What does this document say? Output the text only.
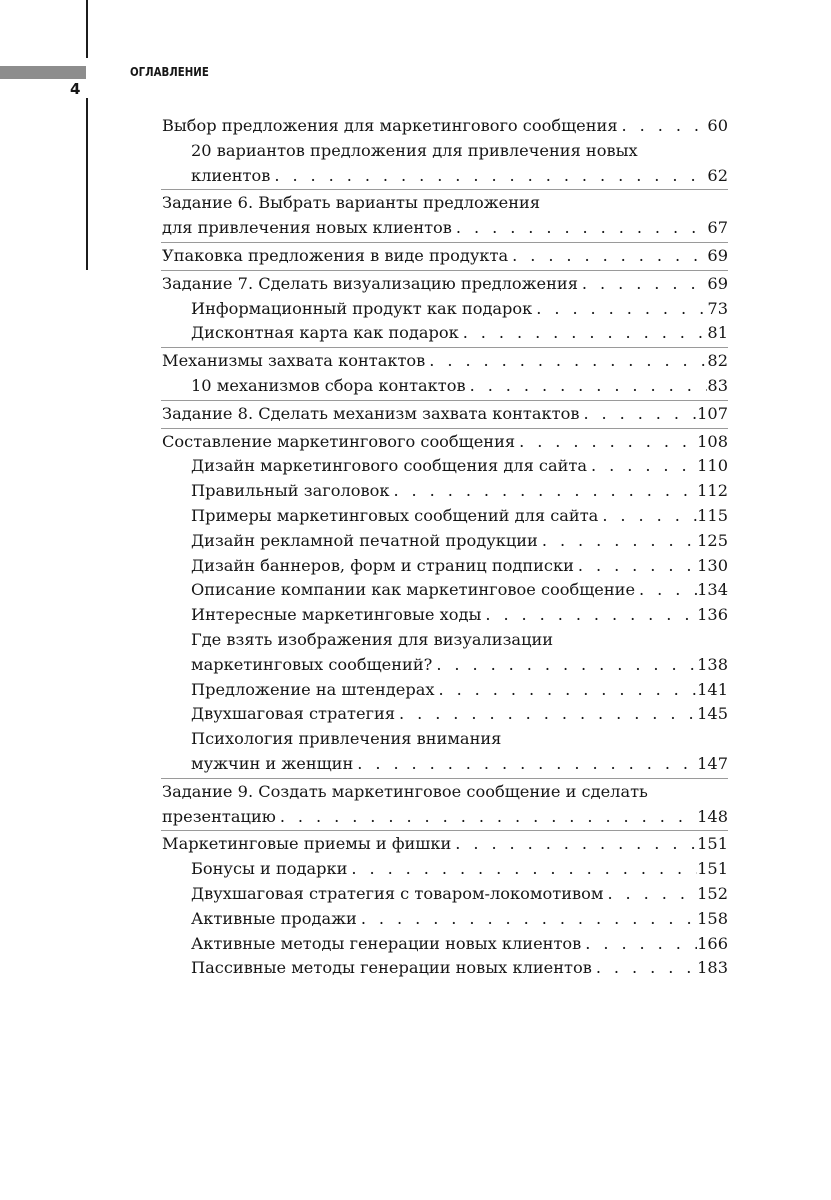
4
ОГЛАВЛЕНИЕ
Выбор предложения для маркетингового сообщения . . .	60
20 вариантов предложения для привлечения новых
клиентов . . .	62
Задание 6. Выбрать варианты предложения
для привлечения новых клиентов . . .	67
Упаковка предложения в виде продукта . . .	69
Задание 7. Сделать визуализацию предложения . . .	69
Информационный продукт как подарок . . .	73
Дисконтная карта как подарок . . .	81
Механизмы захвата контактов . . .	82
10 механизмов сбора контактов . . .	83
Задание 8. Сделать механизм захвата контактов . . .	107
Составление маркетингового сообщения . . .	108
Дизайн маркетингового сообщения для сайта . . .	110
Правильный заголовок . . .	112
Примеры маркетинговых сообщений для сайта . . .	115
Дизайн рекламной печатной продукции . . .	125
Дизайн баннеров, форм и страниц подписки . . .	130
Описание компании как маркетинговое сообщение . . .	134
Интересные маркетинговые ходы . . .	136
Где взять изображения для визуализации
маркетинговых сообщений? . . .	138
Предложение на штендерах . . .	141
Двухшаговая стратегия . . .	145
Психология привлечения внимания
мужчин и женщин . . .	147
Задание 9. Создать маркетинговое сообщение и сделать
презентацию . . .	148
Маркетинговые приемы и фишки . . .	151
Бонусы и подарки . . .	151
Двухшаговая стратегия с товаром-локомотивом . . .	152
Активные продажи . . .	158
Активные методы генерации новых клиентов . . .	166
Пассивные методы генерации новых клиентов . . .	183
